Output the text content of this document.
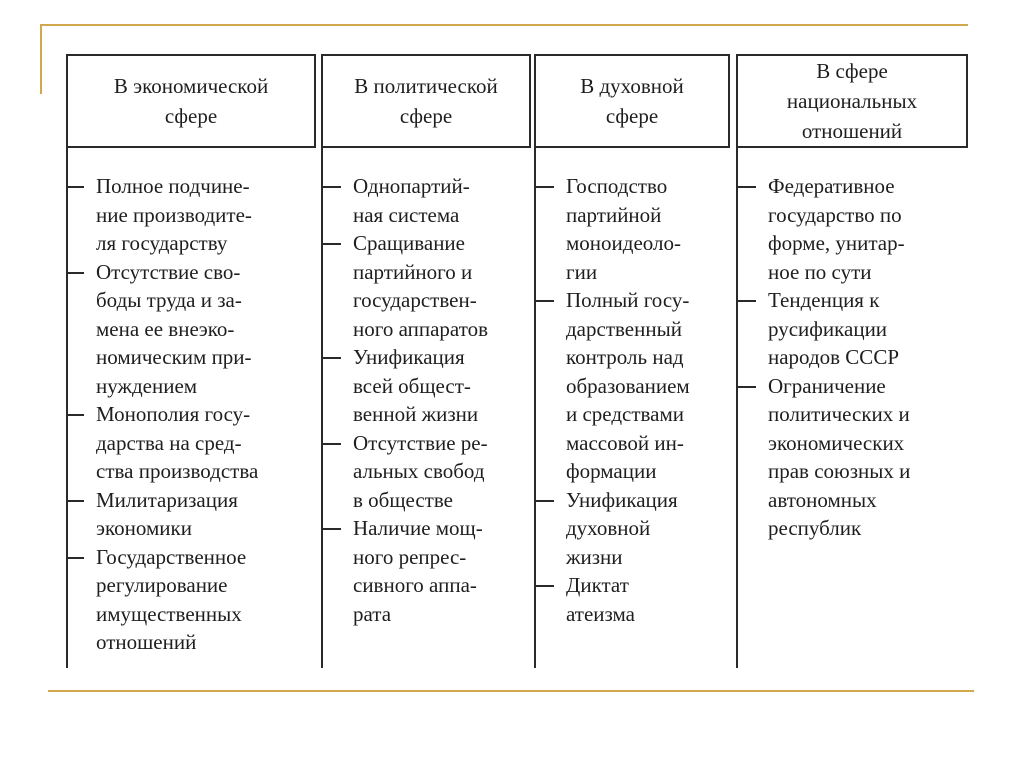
В экономической
сфере
Полное подчине-
ние производите-
ля государству
Отсутствие сво-
боды труда и за-
мена ее внеэко-
номическим при-
нуждением
Монополия госу-
дарства на сред-
ства производства
Милитаризация
экономики
Государственное
регулирование
имущественных
отношений
В политической
сфере
Однопартий-
ная система
Сращивание
партийного и
государствен-
ного аппаратов
Унификация
всей общест-
венной жизни
Отсутствие ре-
альных свобод
в обществе
Наличие мощ-
ного репрес-
сивного аппа-
рата
В духовной
сфере
Господство
партийной
моноидеоло-
гии
Полный госу-
дарственный
контроль над
образованием
и средствами
массовой ин-
формации
Унификация
духовной
жизни
Диктат
атеизма
В сфере
национальных
отношений
Федеративное
государство по
форме, унитар-
ное по сути
Тенденция к
русификации
народов СССР
Ограничение
политических и
экономических
прав союзных и
автономных
республик
